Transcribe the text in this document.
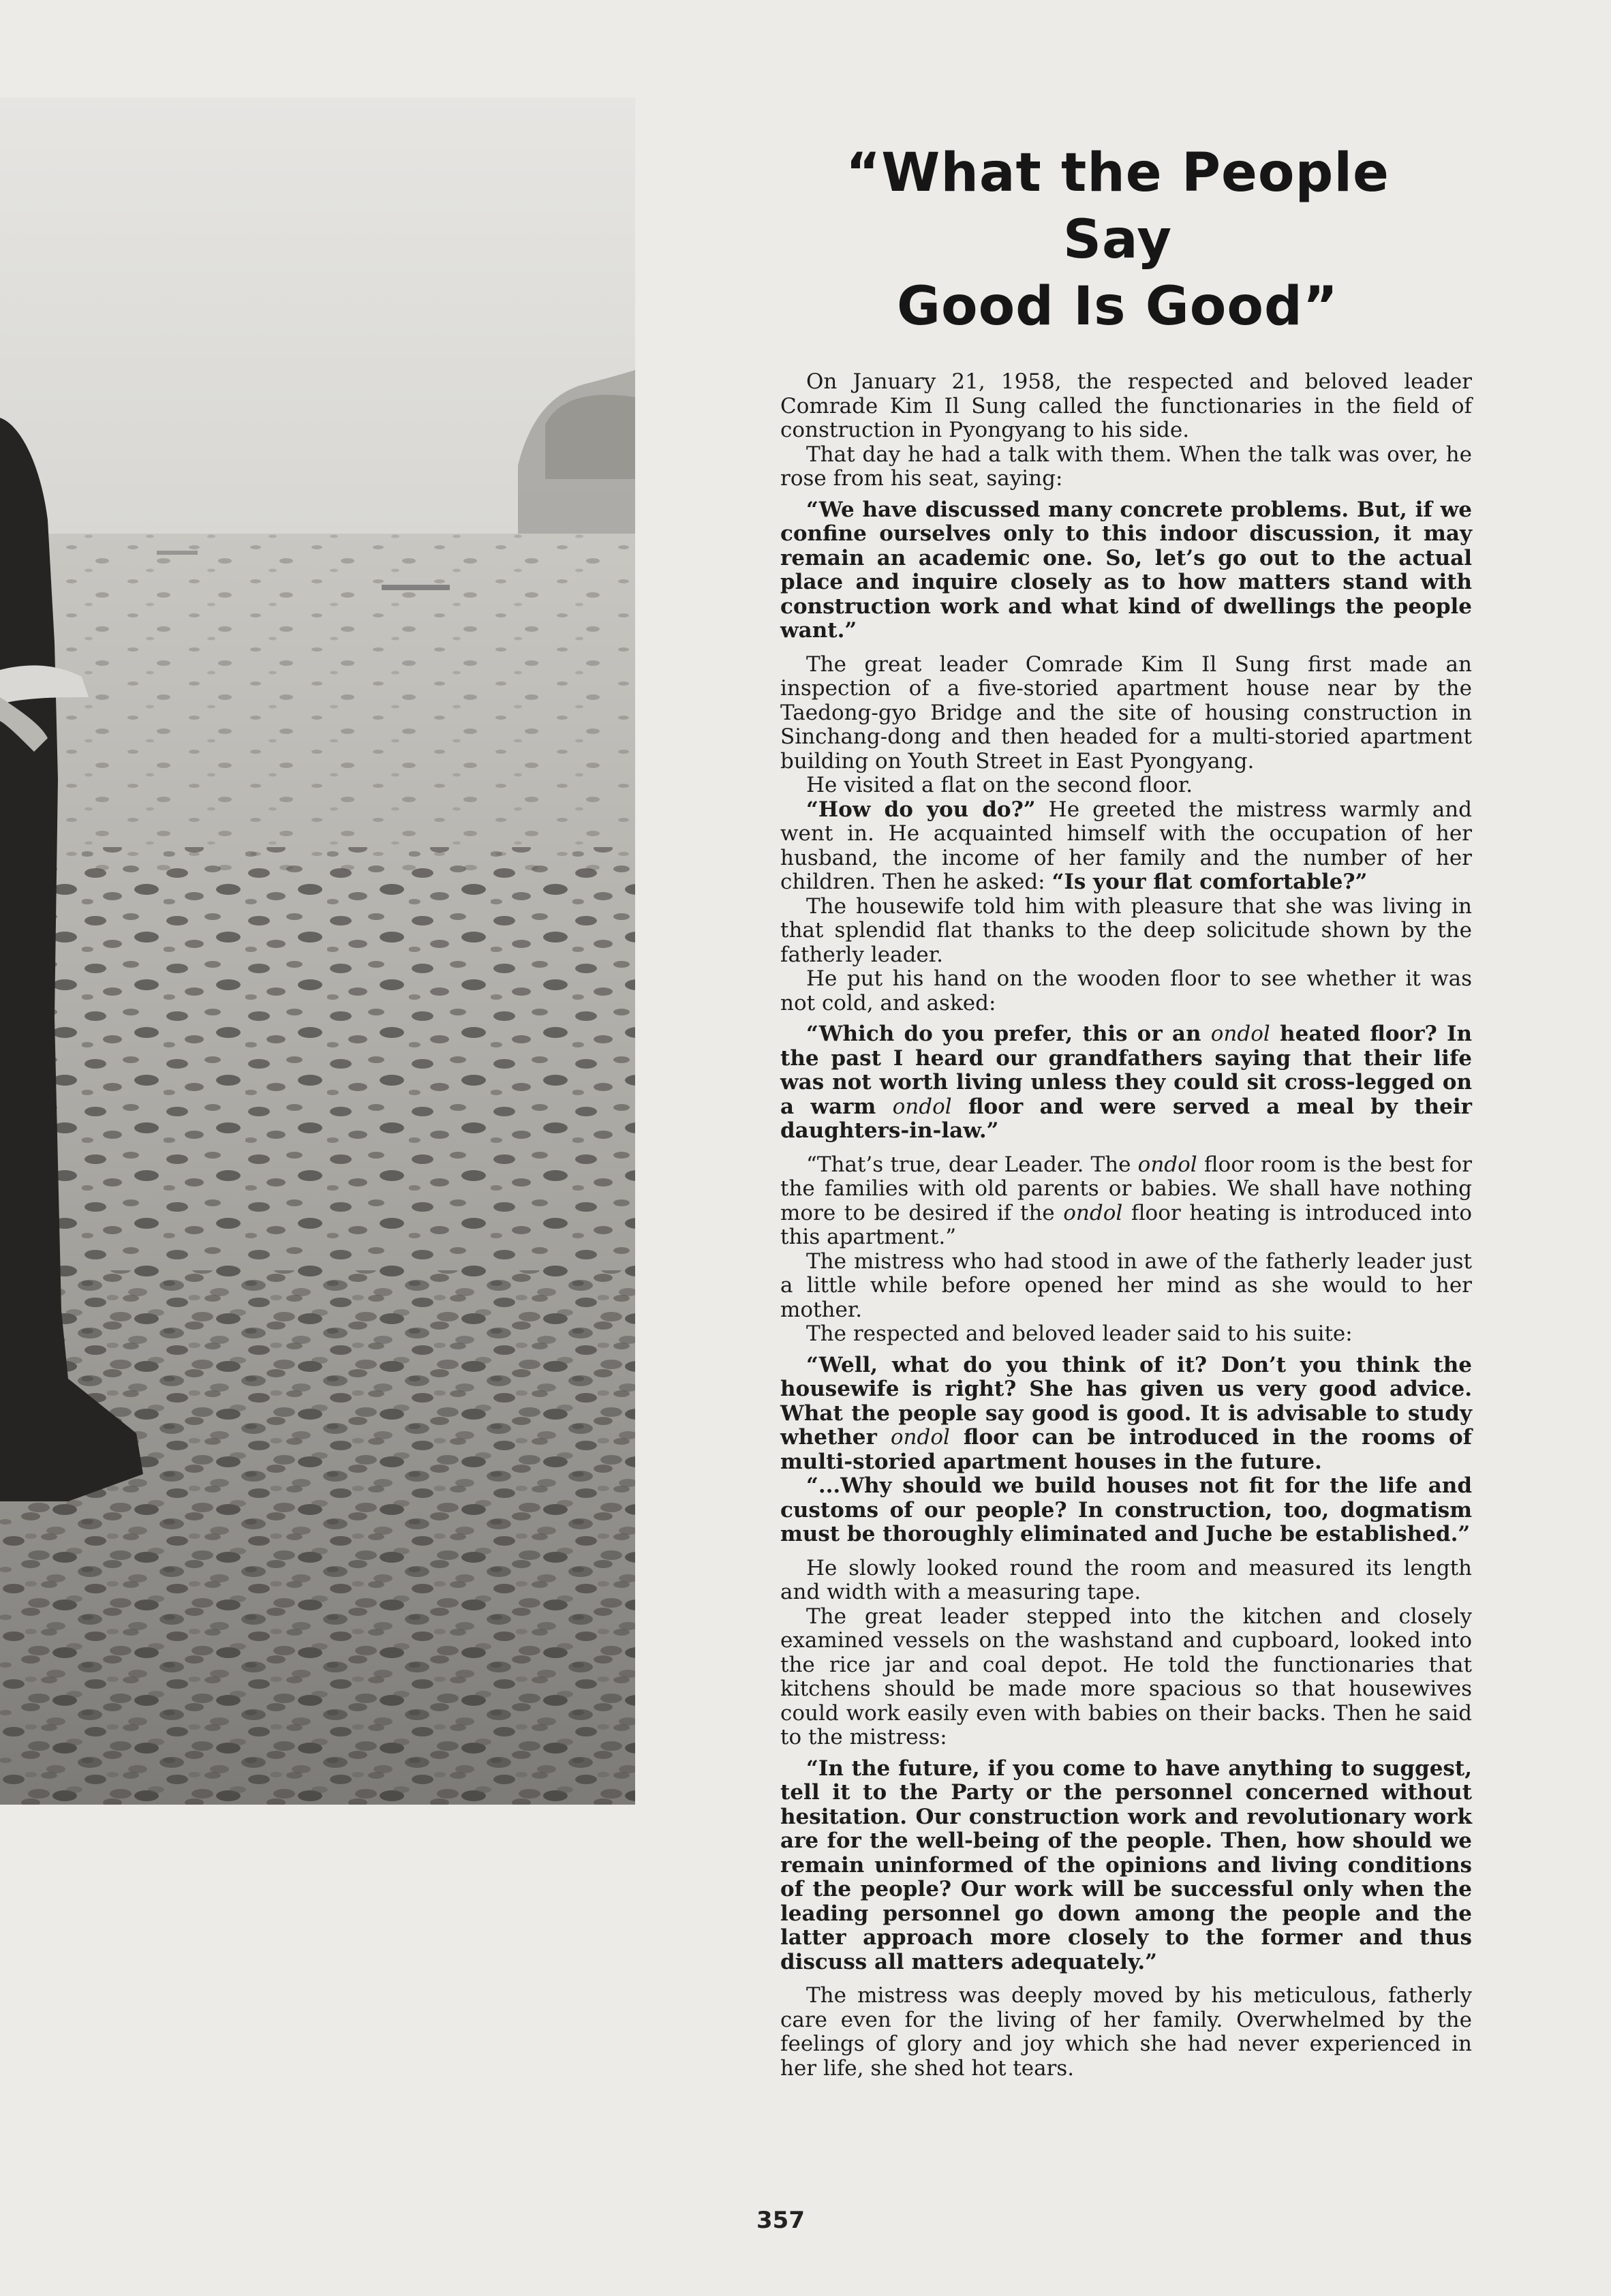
“What the People Say
Good Is Good”

On January 21, 1958, the respected and beloved leader Comrade Kim Il Sung called the functionaries in the field of construction in Pyongyang to his side.

That day he had a talk with them. When the talk was over, he rose from his seat, saying:

“We have discussed many concrete problems. But, if we confine ourselves only to this indoor discussion, it may remain an academic one. So, let’s go out to the actual place and inquire closely as to how matters stand with construction work and what kind of dwellings the people want.”

The great leader Comrade Kim Il Sung first made an inspection of a five-storied apartment house near by the Taedong-gyo Bridge and the site of housing construction in Sinchang-dong and then headed for a multi-storied apartment building on Youth Street in East Pyongyang.

He visited a flat on the second floor.

“How do you do?” He greeted the mistress warmly and went in. He acquainted himself with the occupation of her husband, the income of her family and the number of her children. Then he asked: “Is your flat comfortable?”

The housewife told him with pleasure that she was living in that splendid flat thanks to the deep solicitude shown by the fatherly leader.

He put his hand on the wooden floor to see whether it was not cold, and asked:

“Which do you prefer, this or an ondol heated floor? In the past I heard our grandfathers saying that their life was not worth living unless they could sit cross-legged on a warm ondol floor and were served a meal by their daughters-in-law.”

“That’s true, dear Leader. The ondol floor room is the best for the families with old parents or babies. We shall have nothing more to be desired if the ondol floor heating is introduced into this apartment.”

The mistress who had stood in awe of the fatherly leader just a little while before opened her mind as she would to her mother.

The respected and beloved leader said to his suite:

“Well, what do you think of it? Don’t you think the housewife is right? She has given us very good advice. What the people say good is good. It is advisable to study whether ondol floor can be introduced in the rooms of multi-storied apartment houses in the future.

“...Why should we build houses not fit for the life and customs of our people? In construction, too, dogmatism must be thoroughly eliminated and Juche be established.”

He slowly looked round the room and measured its length and width with a measuring tape.

The great leader stepped into the kitchen and closely examined vessels on the washstand and cupboard, looked into the rice jar and coal depot. He told the functionaries that kitchens should be made more spacious so that housewives could work easily even with babies on their backs. Then he said to the mistress:

“In the future, if you come to have anything to suggest, tell it to the Party or the personnel concerned without hesitation. Our construction work and revolutionary work are for the well-being of the people. Then, how should we remain uninformed of the opinions and living conditions of the people? Our work will be successful only when the leading personnel go down among the people and the latter approach more closely to the former and thus discuss all matters adequately.”

The mistress was deeply moved by his meticulous, fatherly care even for the living of her family. Overwhelmed by the feelings of glory and joy which she had never experienced in her life, she shed hot tears.

357
